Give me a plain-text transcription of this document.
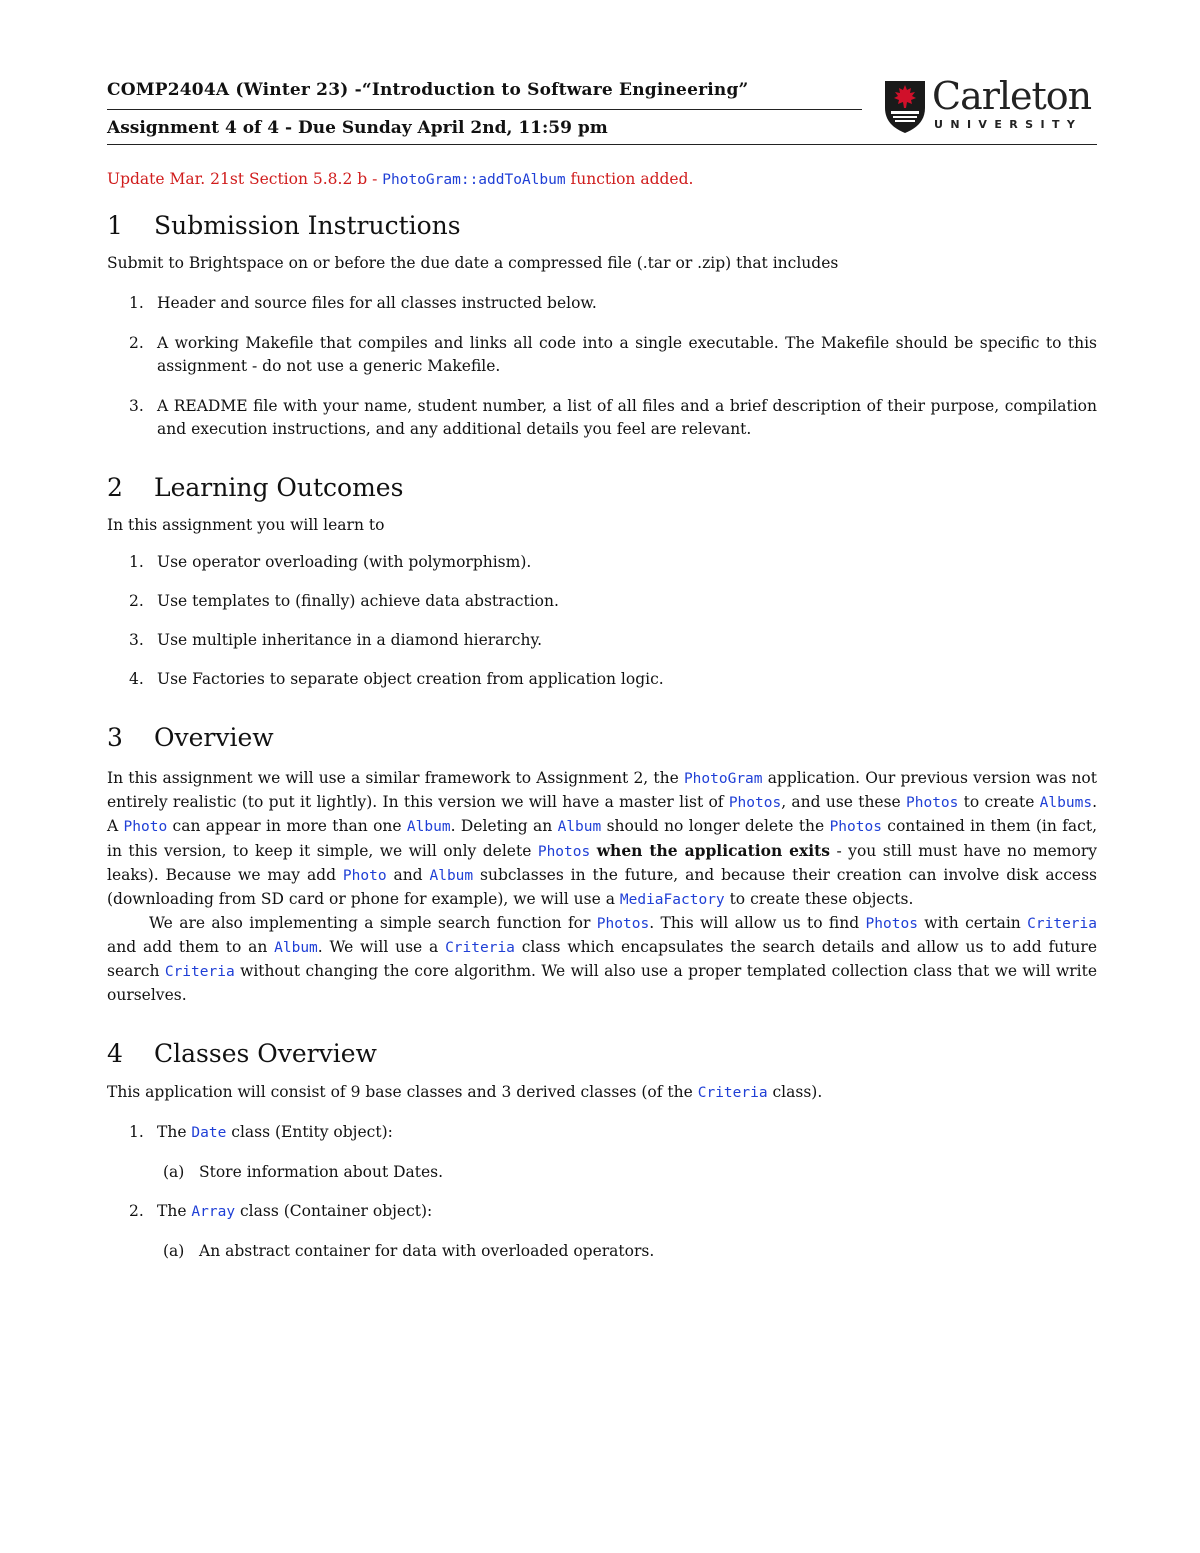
COMP2404A (Winter 23) -“Introduction to Software Engineering”
Assignment 4 of 4 - Due Sunday April 2nd, 11:59 pm
Carleton
UNIVERSITY

Update Mar. 21st Section 5.8.2 b - PhotoGram::addToAlbum function added.

1 Submission Instructions

Submit to Brightspace on or before the due date a compressed file (.tar or .zip) that includes

1. Header and source files for all classes instructed below.
2. A working Makefile that compiles and links all code into a single executable. The Makefile should be specific to this assignment - do not use a generic Makefile.
3. A README file with your name, student number, a list of all files and a brief description of their purpose, compilation and execution instructions, and any additional details you feel are relevant.
2 Learning Outcomes

In this assignment you will learn to

1. Use operator overloading (with polymorphism).
2. Use templates to (finally) achieve data abstraction.
3. Use multiple inheritance in a diamond hierarchy.
4. Use Factories to separate object creation from application logic.
3 Overview

In this assignment we will use a similar framework to Assignment 2, the PhotoGram application. Our previous version was not entirely realistic (to put it lightly). In this version we will have a master list of Photos, and use these Photos to create Albums. A Photo can appear in more than one Album. Deleting an Album should no longer delete the Photos contained in them (in fact, in this version, to keep it simple, we will only delete Photos when the application exits - you still must have no memory leaks). Because we may add Photo and Album subclasses in the future, and because their creation can involve disk access (downloading from SD card or phone for example), we will use a MediaFactory to create these objects.

We are also implementing a simple search function for Photos. This will allow us to find Photos with certain Criteria and add them to an Album. We will use a Criteria class which encapsulates the search details and allow us to add future search Criteria without changing the core algorithm. We will also use a proper templated collection class that we will write ourselves.

4 Classes Overview

This application will consist of 9 base classes and 3 derived classes (of the Criteria class).

1. The Date class (Entity object):
(a) Store information about Dates.
2. The Array class (Container object):
(a) An abstract container for data with overloaded operators.
